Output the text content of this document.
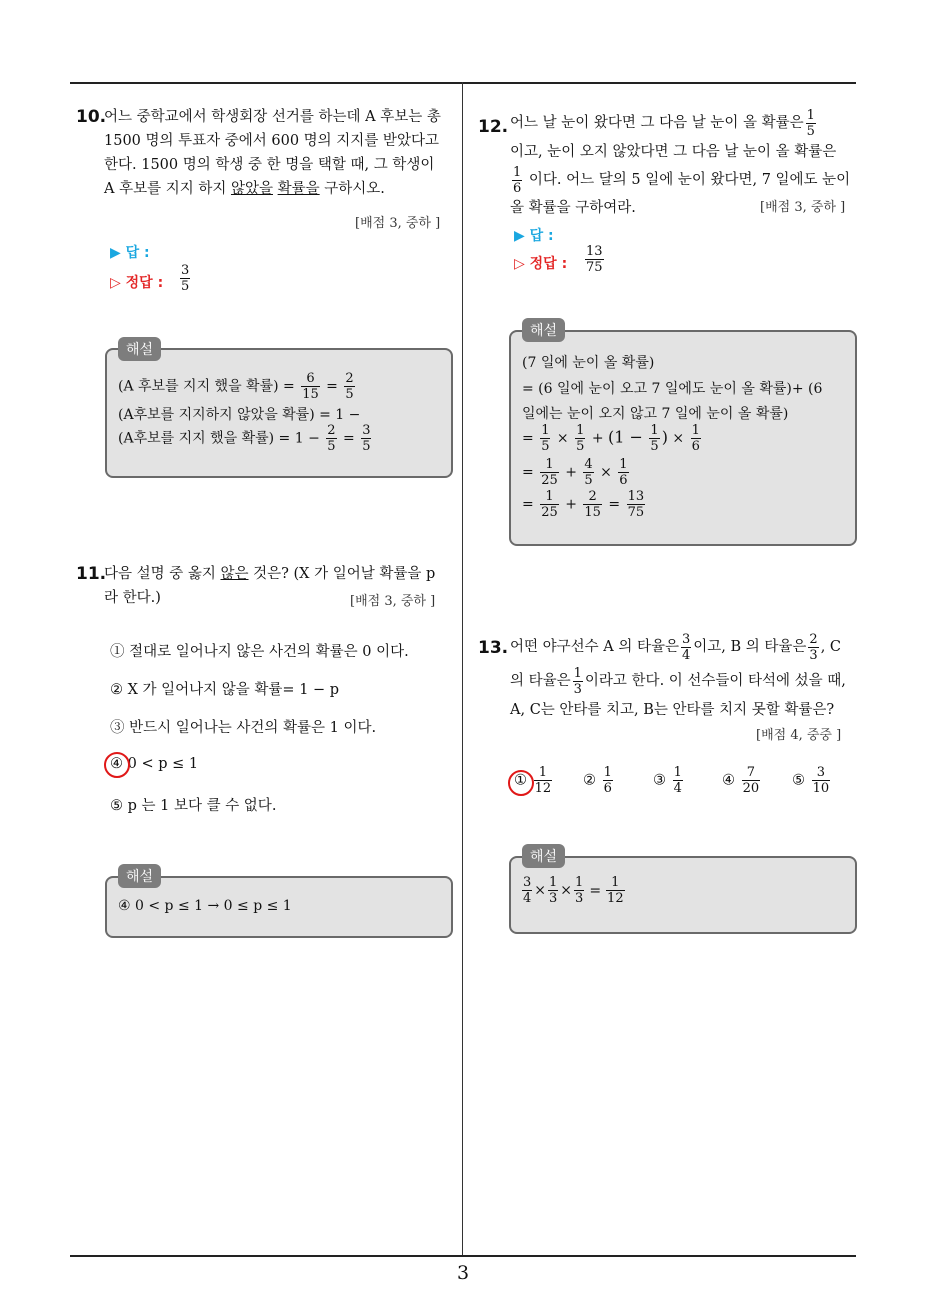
3
10.
어느 중학교에서 학생회장 선거를 하는데 A 후보는 총
1500 명의 투표자 중에서 600 명의 지지를 받았다고
한다. 1500 명의 학생 중 한 명을 택할 때, 그 학생이
A 후보를 지지 하지 않았을 확률을 구하시오.
[배점 3, 중하 ]
▶ 답 :
▷ 정답 : $\frac{3}{5}$
해설
(A 후보를 지지 했을 확률) = $\frac{6}{15} = \frac{2}{5}$
(A후보를 지지하지 않았을 확률) = 1 −
(A후보를 지지 했을 확률) = $1 - \frac{2}{5} = \frac{3}{5}$
11.
다음 설명 중 옳지 않은 것은? (X 가 일어날 확률을 p
라 한다.)	[배점 3, 중하 ]
① 절대로 일어나지 않은 사건의 확률은 0 이다.
② X 가 일어나지 않을 확률= 1 − p
③ 반드시 일어나는 사건의 확률은 1 이다.
④ 0 < p ≤ 1
⑤ p 는 1 보다 클 수 없다.
해설
④ 0 < p ≤ 1 → 0 ≤ p ≤ 1
12. 어느 날 눈이 왔다면 그 다음 날 눈이 올 확률은 $\frac{1}{5}$
이고, 눈이 오지 않았다면 그 다음 날 눈이 올 확률은
$\frac{1}{6}$ 이다. 어느 달의 5 일에 눈이 왔다면, 7 일에도 눈이
올 확률을 구하여라.	[배점 3, 중하 ]
▶ 답 :
▷ 정답 : $\frac{13}{75}$
해설
(7 일에 눈이 올 확률)
= (6 일에 눈이 오고 7 일에도 눈이 올 확률)+ (6
일에는 눈이 오지 않고 7 일에 눈이 올 확률)
= $\frac{1}{5} \times \frac{1}{5} + (1 - \frac{1}{5}$ ) × $\frac{1}{6}$
= $\frac{1}{25} + \frac{4}{5} \times \frac{1}{6}$
= $\frac{1}{25} + \frac{2}{15} = \frac{13}{75}$
13. 어떤 야구선수 A 의 타율은 $\frac{3}{4}$ 이고, B 의 타율은 $\frac{2}{3}$ , C
의 타율은 $\frac{1}{3}$ 이라고 한다. 이 선수들이 타석에 섰을 때,
A, C는 안타를 치고, B는 안타를 치지 못할 확률은?
[배점 4, 중중 ]
① $\frac{1}{12}$ ② $\frac{1}{6}$	③ $\frac{1}{4}$	④ $\frac{7}{20}$ ⑤ $\frac{3}{10}$
해설
$\frac{3}{4} \times \frac{1}{3} \times \frac{1}{3} = \frac{1}{12}$
